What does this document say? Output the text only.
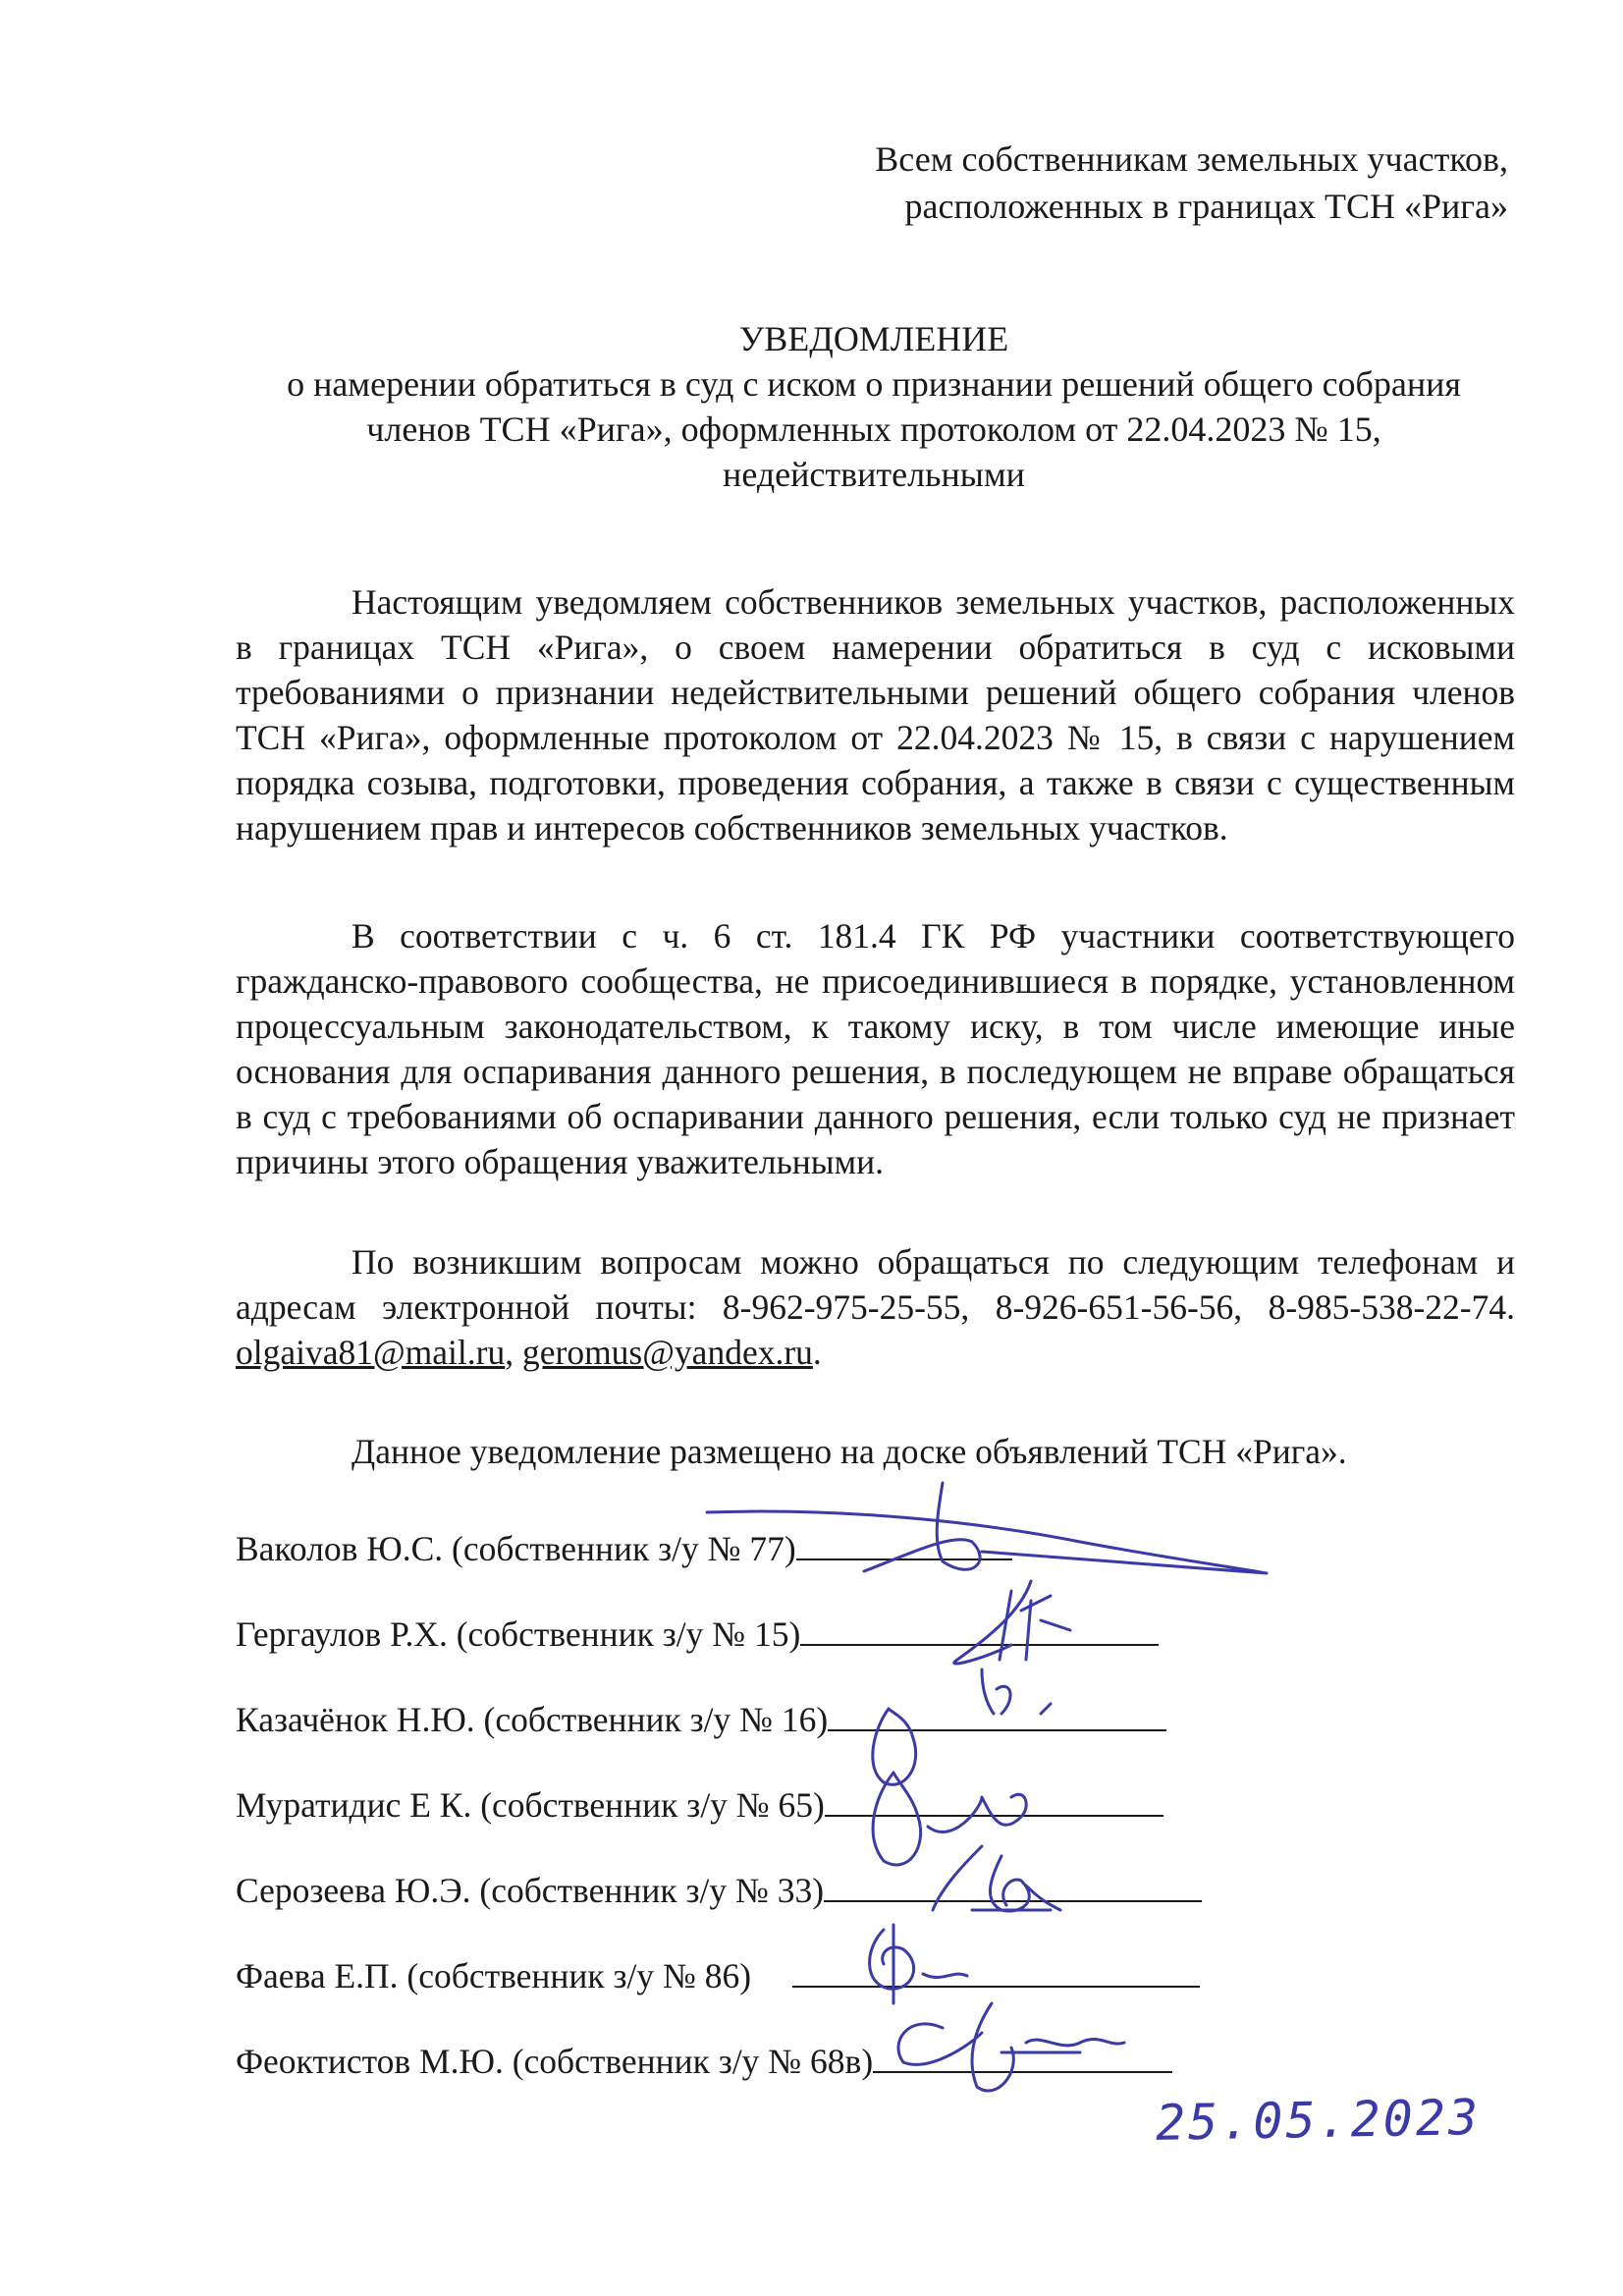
Всем собственникам земельных участков,
расположенных в границах ТСН «Рига»
УВЕДОМЛЕНИЕ
о намерении обратиться в суд с иском о признании решений общего собрания
членов ТСН «Рига», оформленных протоколом от 22.04.2023 № 15,
недействительными

Настоящим уведомляем собственников земельных участков, расположенных в границах ТСН «Рига», о своем намерении обратиться в суд с исковыми требованиями о признании недействительными решений общего собрания членов ТСН «Рига», оформленные протоколом от 22.04.2023 № 15, в связи с нарушением порядка созыва, подготовки, проведения собрания, а также в связи с существенным нарушением прав и интересов собственников земельных участков.

В соответствии с ч. 6 ст. 181.4 ГК РФ участники соответствующего гражданско-правового сообщества, не присоединившиеся в порядке, установленном процессуальным законодательством, к такому иску, в том числе имеющие иные основания для оспаривания данного решения, в последующем не вправе обращаться в суд с требованиями об оспаривании данного решения, если только суд не признает причины этого обращения уважительными.

По возникшим вопросам можно обращаться по следующим телефонам и адресам электронной почты: 8-962-975-25-55, 8-926-651-56-56, 8-985-538-22-74. olgaiva81@mail.ru, geromus@yandex.ru.

Данное уведомление размещено на доске объявлений ТСН «Рига».
Ваколов Ю.С. (собственник з/у № 77)
Гергаулов Р.Х. (собственник з/у № 15)
Казачёнок Н.Ю. (собственник з/у № 16)
Муратидис Е К. (собственник з/у № 65)
Серозеева Ю.Э. (собственник з/у № 33)
Фаева Е.П. (собственник з/у № 86)
Феоктистов М.Ю. (собственник з/у № 68в)
25.05.2023
